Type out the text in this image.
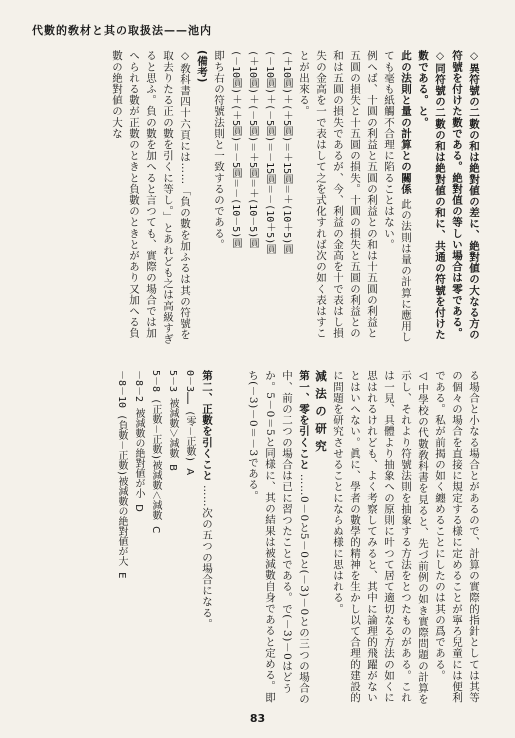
代數的敎材と其の取扱法——池内

◇異符號の二數の和は絶對値の差に、絶對値の大なる方の符號を付けた數である。絶對值の等しい場合は零である。

◇同符號の二數の和は絶對値の和に、共通の符號を付けた數である。と。

此の法則と量の計算との關係 此の法則は量の計算に應用しても毫も紙觸不合理に陷ることはない。

例へば、十圓の利益と五圓の利益との和は十五圓の利益と五圓の損失と十五圓の損失。十圓の損失と五圓の利益との和は五圓の損失であるが、今、利益の金高を十で表はし損失の金高を一で表はして之を式化すれば次の如く表はすことが出來る。

(＋10圓)＋(＋5圓)＝＋15圓＝＋(10＋5)圓

(－10圓)＋(－5圓)＝－15圓＝－(10＋5)圓

(＋10圓)＋(－5圓)＝＋5圓＝＋(10－5)圓

(－10圓)＋(＋5圓)＝－5圓＝－(10－5)圓

即ち右の符號法則と一致するのである。

(備考)

◇敎科書四十六頁には……「負の數を加ふるは其の符號を取去りたる正の數を引くに等し。」とあれども之は高級すぎると思ふ。負の數を加へると言つても、實際の場合では加へられる數が正數のときと負數のときとがあり又加へる負數の絶對値の大な

る場合と小なる場合とがあるので、計算の實際的指針としては其等の個々の場合を直接に規定する様に定めることが寧ろ兒童には便利である。私が前揭の如く纏めることにしたのは其の爲である。

◁中學校の代數敎科書を見ると、先づ前例の如き實際問題の計算を示し、それより符號法則を抽象する方法をとつたものがある。これは一見、具體より抽象への原則に叶つて居て適切なる方法の如くに思はれるけれども、よく考察してみると、其中に論理的飛躍がないとはいへない。眞に、學者の數學的精神を生かし以て合理的建設的に問題を研究させることにならぬ様に思はれる。

減法の研究

第一、零を引くこと ……0－0と5－0と(－3)－0との三つの場合の中、前の二つの場合は已に習つたことである。で(－3)－0はどうか。5－0＝5と同様に、其の結果は被減數自身であると定める。即ち(－3)－0＝－3である。

第二、正數を引くこと ……次の五つの場合になる。

0－3…… (零－正數) A

5－3 被減數＞減數 B

5－8 (正數－正數)被減數＜減數 C

－8－2 被減數の絶對値が小 D

－8－10 (負數－正數)被減數の絶對値が大 E

83
